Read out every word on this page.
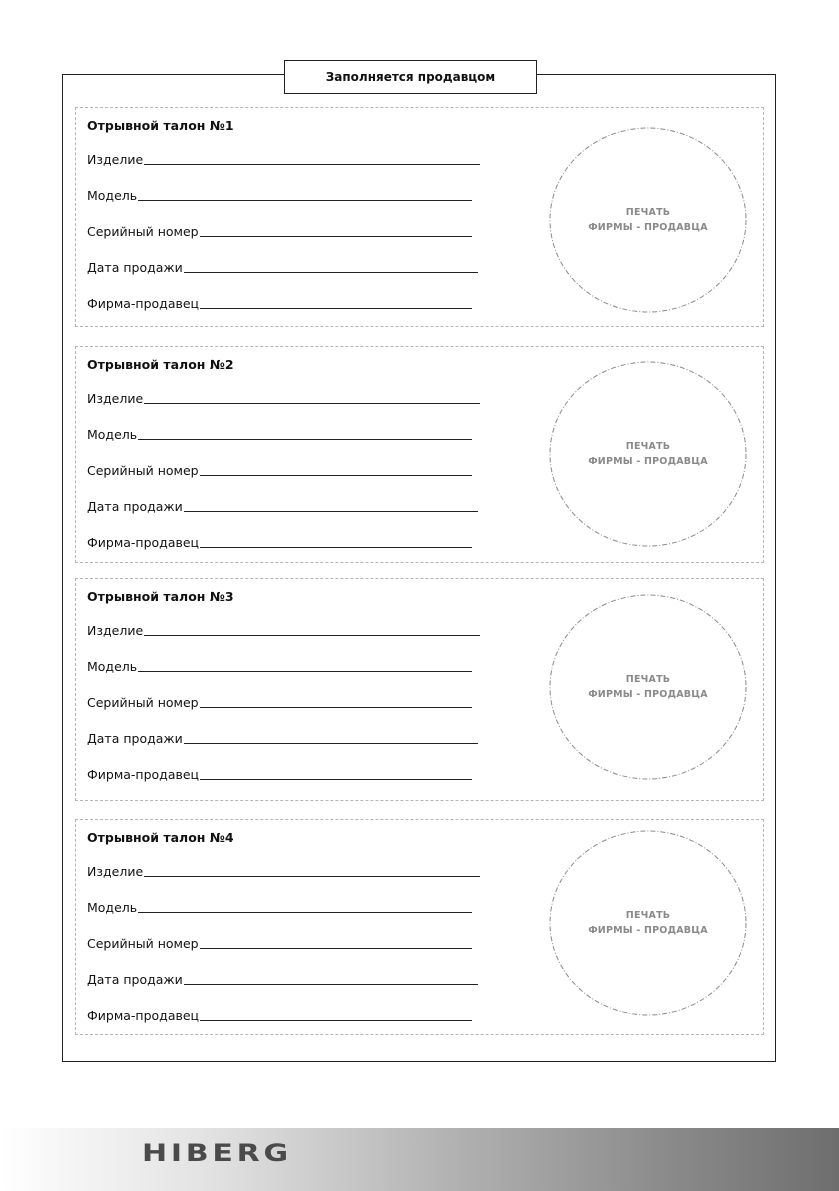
Заполняется продавцом
Отрывной талон №1
Изделие
Модель
Серийный номер
Дата продажи
Фирма-продавец
ПЕЧАТЬ
ФИРМЫ - ПРОДАВЦА
Отрывной талон №2
Изделие
Модель
Серийный номер
Дата продажи
Фирма-продавец
ПЕЧАТЬ
ФИРМЫ - ПРОДАВЦА
Отрывной талон №3
Изделие
Модель
Серийный номер
Дата продажи
Фирма-продавец
ПЕЧАТЬ
ФИРМЫ - ПРОДАВЦА
Отрывной талон №4
Изделие
Модель
Серийный номер
Дата продажи
Фирма-продавец
ПЕЧАТЬ
ФИРМЫ - ПРОДАВЦА
HIBERG
